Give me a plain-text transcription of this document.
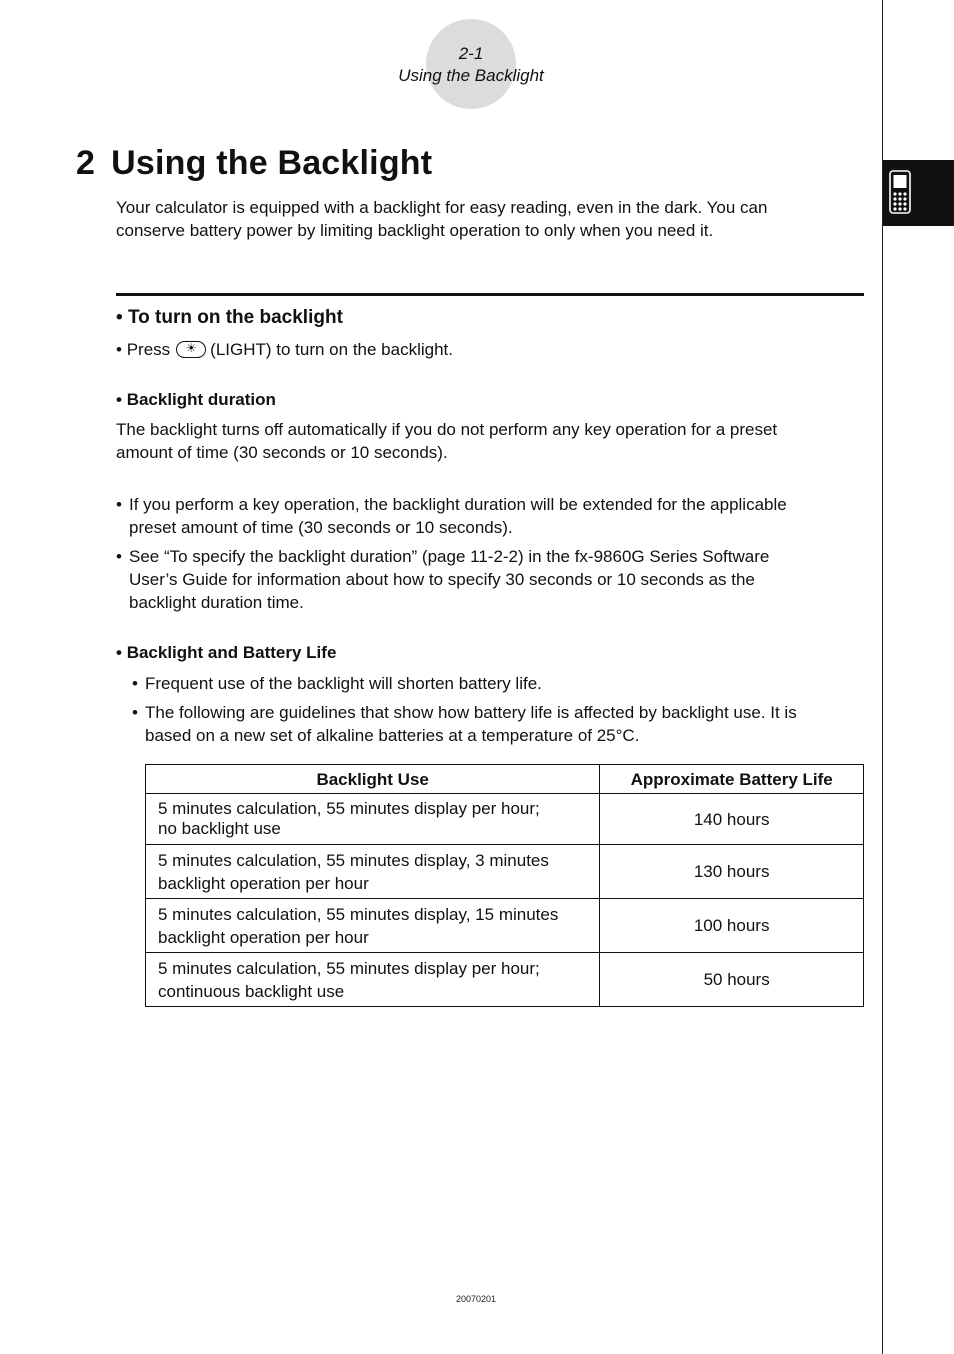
2-1
Using the Backlight
2 Using the Backlight
Your calculator is equipped with a backlight for easy reading, even in the dark. You can
conserve battery power by limiting backlight operation to only when you need it.
• To turn on the backlight
• Press	☀ (LIGHT) to turn on the backlight.
• Backlight duration
The backlight turns off automatically if you do not perform any key operation for a preset
amount of time (30 seconds or 10 seconds).
• If you perform a key operation, the backlight duration will be extended for the applicable
preset amount of time (30 seconds or 10 seconds).
• See “To specify the backlight duration” (page 11-2-2) in the fx-9860G Series Software
User’s Guide for information about how to specify 30 seconds or 10 seconds as the
backlight duration time.
• Backlight and Battery Life
• Frequent use of the backlight will shorten battery life.
• The following are guidelines that show how battery life is affected by backlight use. It is
based on a new set of alkaline batteries at a temperature of 25°C.
Backlight Use	Approximate Battery Life

5 minutes calculation, 55 minutes display per hour;
no backlight use	140 hours

5 minutes calculation, 55 minutes display, 3 minutes
backlight operation per hour	130 hours

5 minutes calculation, 55 minutes display, 15 minutes
backlight operation per hour	100 hours

5 minutes calculation, 55 minutes display per hour;
continuous backlight use	50 hours
20070201
